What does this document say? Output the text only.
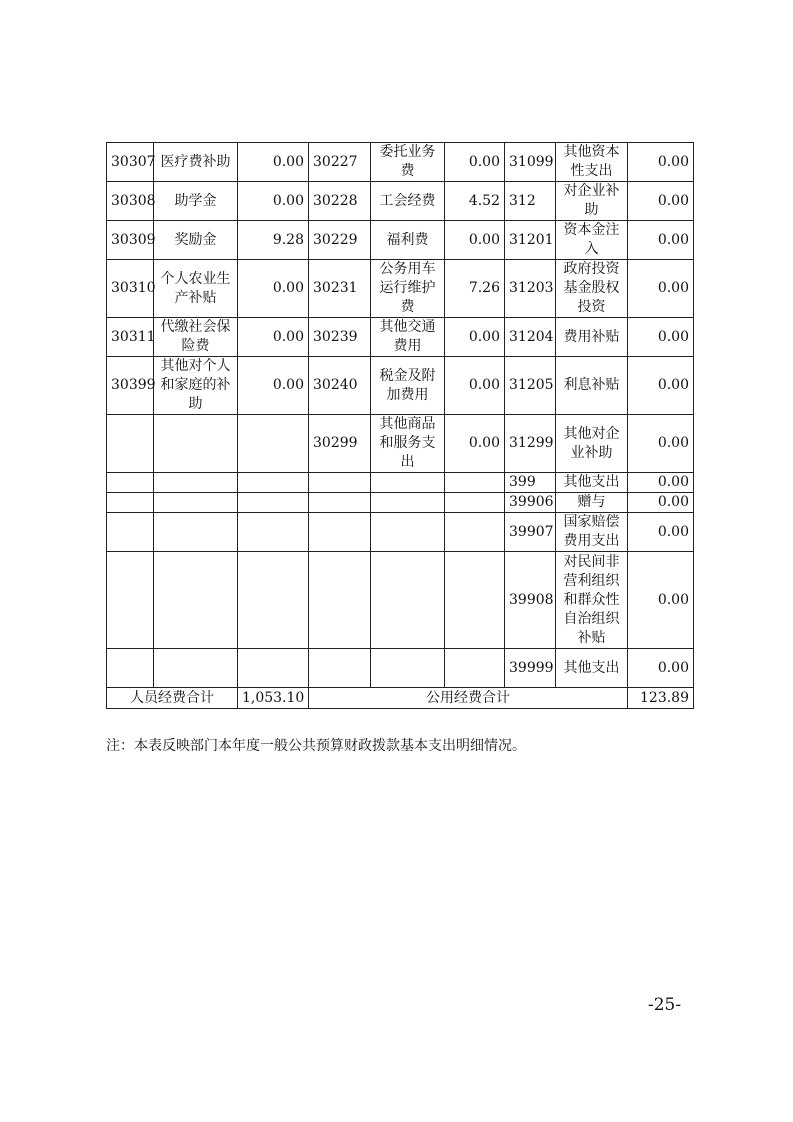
30307	医疗费补助	0.00	30227	委托业务费	0.00	31099	其他资本性支出	0.00
30308	助学金	0.00	30228	工会经费	4.52	312	对企业补助	0.00
30309	奖励金	9.28	30229	福利费	0.00	31201	资本金注入	0.00
30310	个人农业生产补贴	0.00	30231	公务用车运行维护费	7.26	31203	政府投资基金股权投资	0.00
30311	代缴社会保险费	0.00	30239	其他交通费用	0.00	31204	费用补贴	0.00
30399	其他对个人和家庭的补助	0.00	30240	税金及附加费用	0.00	31205	利息补贴	0.00
			30299	其他商品和服务支出	0.00	31299	其他对企业补助	0.00
						399	其他支出	0.00
						39906	赠与	0.00
						39907	国家赔偿费用支出	0.00
						39908	对民间非营利组织和群众性自治组织补贴	0.00
						39999	其他支出	0.00
人员经费合计		1,053.10	公用经费合计					123.89
注：本表反映部门本年度一般公共预算财政拨款基本支出明细情况。
-25-
